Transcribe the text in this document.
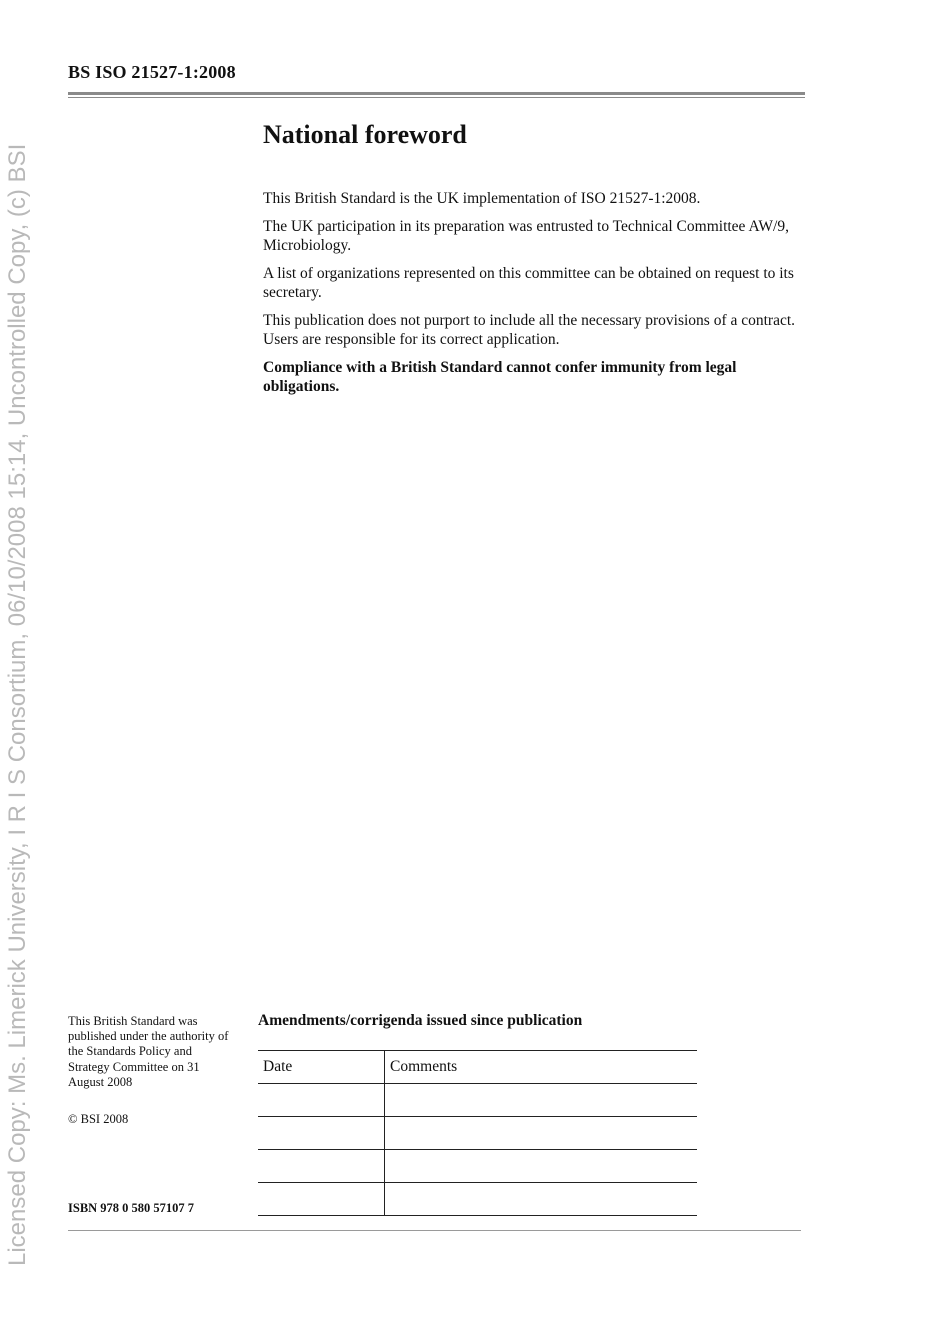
Licensed Copy: Ms. Limerick University, I R I S Consortium, 06/10/2008 15:14, Uncontrolled Copy, (c) BSI
BS ISO 21527-1:2008
National foreword

This British Standard is the UK implementation of ISO 21527-1:2008.

The UK participation in its preparation was entrusted to Technical Committee AW/9, Microbiology.

A list of organizations represented on this committee can be obtained on request to its secretary.

This publication does not purport to include all the necessary provisions of a contract. Users are responsible for its correct application.

Compliance with a British Standard cannot confer immunity from legal obligations.

This British Standard was published under the authority of the Standards Policy and Strategy Committee on 31 August 2008
© BSI 2008
ISBN 978 0 580 57107 7
Amendments/corrigenda issued since publication
Date	Comments
